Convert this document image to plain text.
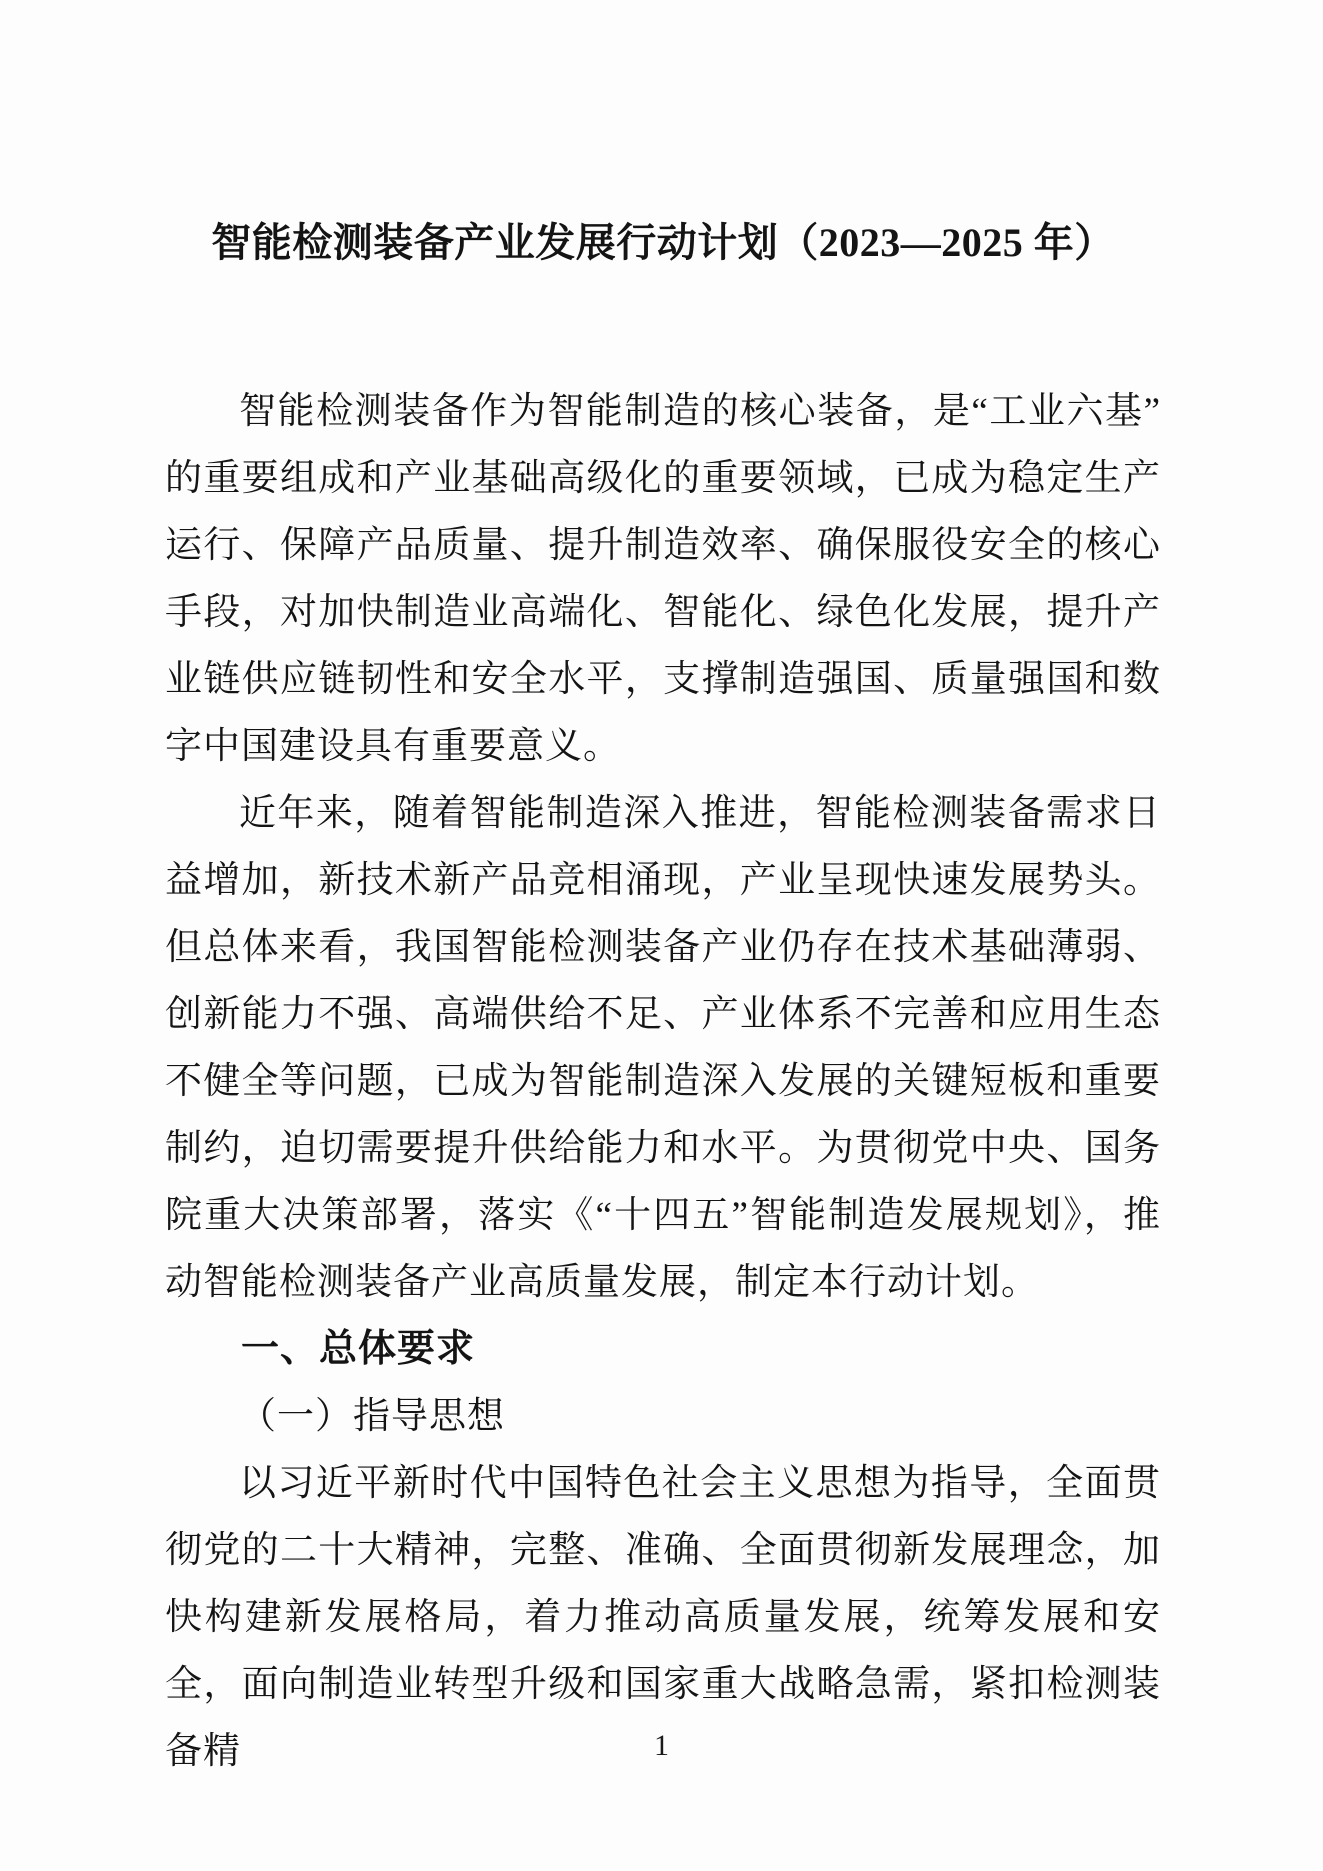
智能检测装备产业发展行动计划（2023—2025 年）

智能检测装备作为智能制造的核心装备，是“工业六基”的重要组成和产业基础高级化的重要领域，已成为稳定生产运行、保障产品质量、提升制造效率、确保服役安全的核心手段，对加快制造业高端化、智能化、绿色化发展，提升产业链供应链韧性和安全水平，支撑制造强国、质量强国和数字中国建设具有重要意义。

近年来，随着智能制造深入推进，智能检测装备需求日益增加，新技术新产品竞相涌现，产业呈现快速发展势头。但总体来看，我国智能检测装备产业仍存在技术基础薄弱、创新能力不强、高端供给不足、产业体系不完善和应用生态不健全等问题，已成为智能制造深入发展的关键短板和重要制约，迫切需要提升供给能力和水平。为贯彻党中央、国务院重大决策部署，落实《“十四五”智能制造发展规划》，推动智能检测装备产业高质量发展，制定本行动计划。

一、总体要求
（一）指导思想

以习近平新时代中国特色社会主义思想为指导，全面贯彻党的二十大精神，完整、准确、全面贯彻新发展理念，加快构建新发展格局，着力推动高质量发展，统筹发展和安全，面向制造业转型升级和国家重大战略急需，紧扣检测装备精	1
